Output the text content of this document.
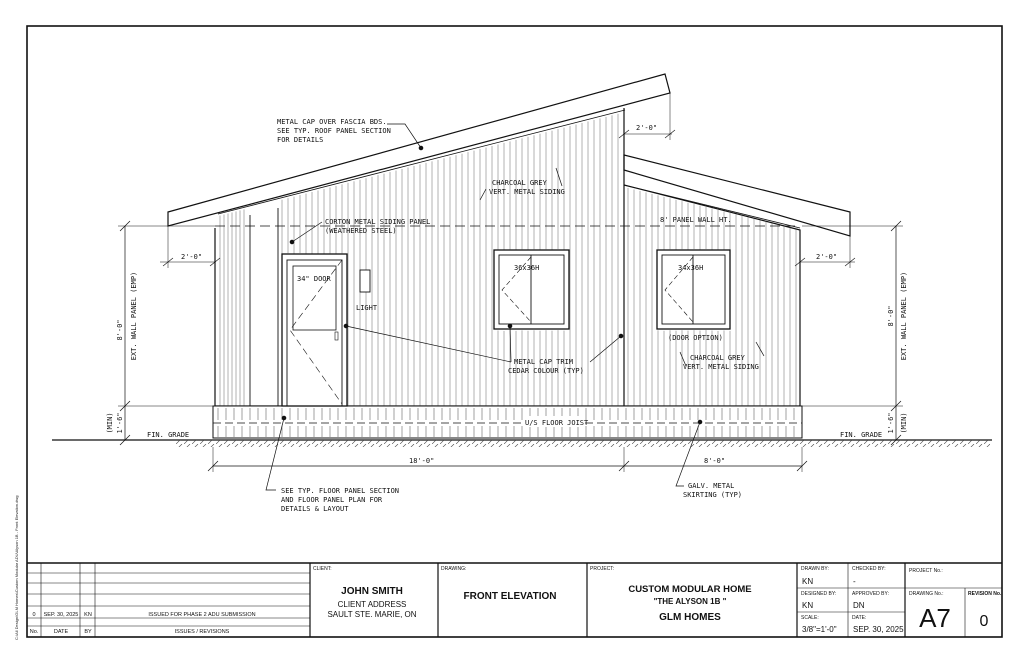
METAL CAP OVER FASCIA BDS.
SEE TYP. ROOF PANEL SECTION
FOR DETAILS
CHARCOAL GREY
VERT. METAL SIDING
CORTON METAL SIDING PANEL
(WEATHERED STEEL)
8' PANEL WALL HT.
34" DOOR
LIGHT
36x36H	34x36H
(DOOR OPTION)
METAL CAP TRIM
CEDAR COLOUR (TYP)
CHARCOAL GREY
VERT. METAL SIDING
U/S FLOOR JOIST
FIN. GRADE	FIN. GRADE
SEE TYP. FLOOR PANEL SECTION
AND FLOOR PANEL PLAN FOR
DETAILS & LAYOUT
GALV. METAL
SKIRTING (TYP)
2'-0"	2'-0"
2'-0"
18'-0"	8'-0"
8'-0" EXT. WALL PANEL (EMP)
1'-6"
(MIN)
8'-0" EXT. WALL PANEL (EMP)
1'-6" (MIN)
0 SEP. 30, 2025 KN	ISSUED FOR PHASE 2 ADU SUBMISSION
No.	DATE	BY	ISSUES / REVISIONS
CLIENT:
JOHN SMITH
CLIENT ADDRESS
SAULT STE. MARIE, ON
DRAWING:
FRONT ELEVATION
PROJECT:
CUSTOM MODULAR HOME
"THE ALYSON 1B "
GLM HOMES
DRAWN BY:
KN
CHECKED BY:
-
DESIGNED BY:
KN
APPROVED BY:
DN
SCALE:
3/8"=1'-0"
DATE:
SEP. 30, 2025
PROJECT No.:
DRAWING No.:
A7
REVISION No.
0
C:\All Design\GLM Homes\Custom Modular ADU\Alyson 1B - Front Elevation.dwg
